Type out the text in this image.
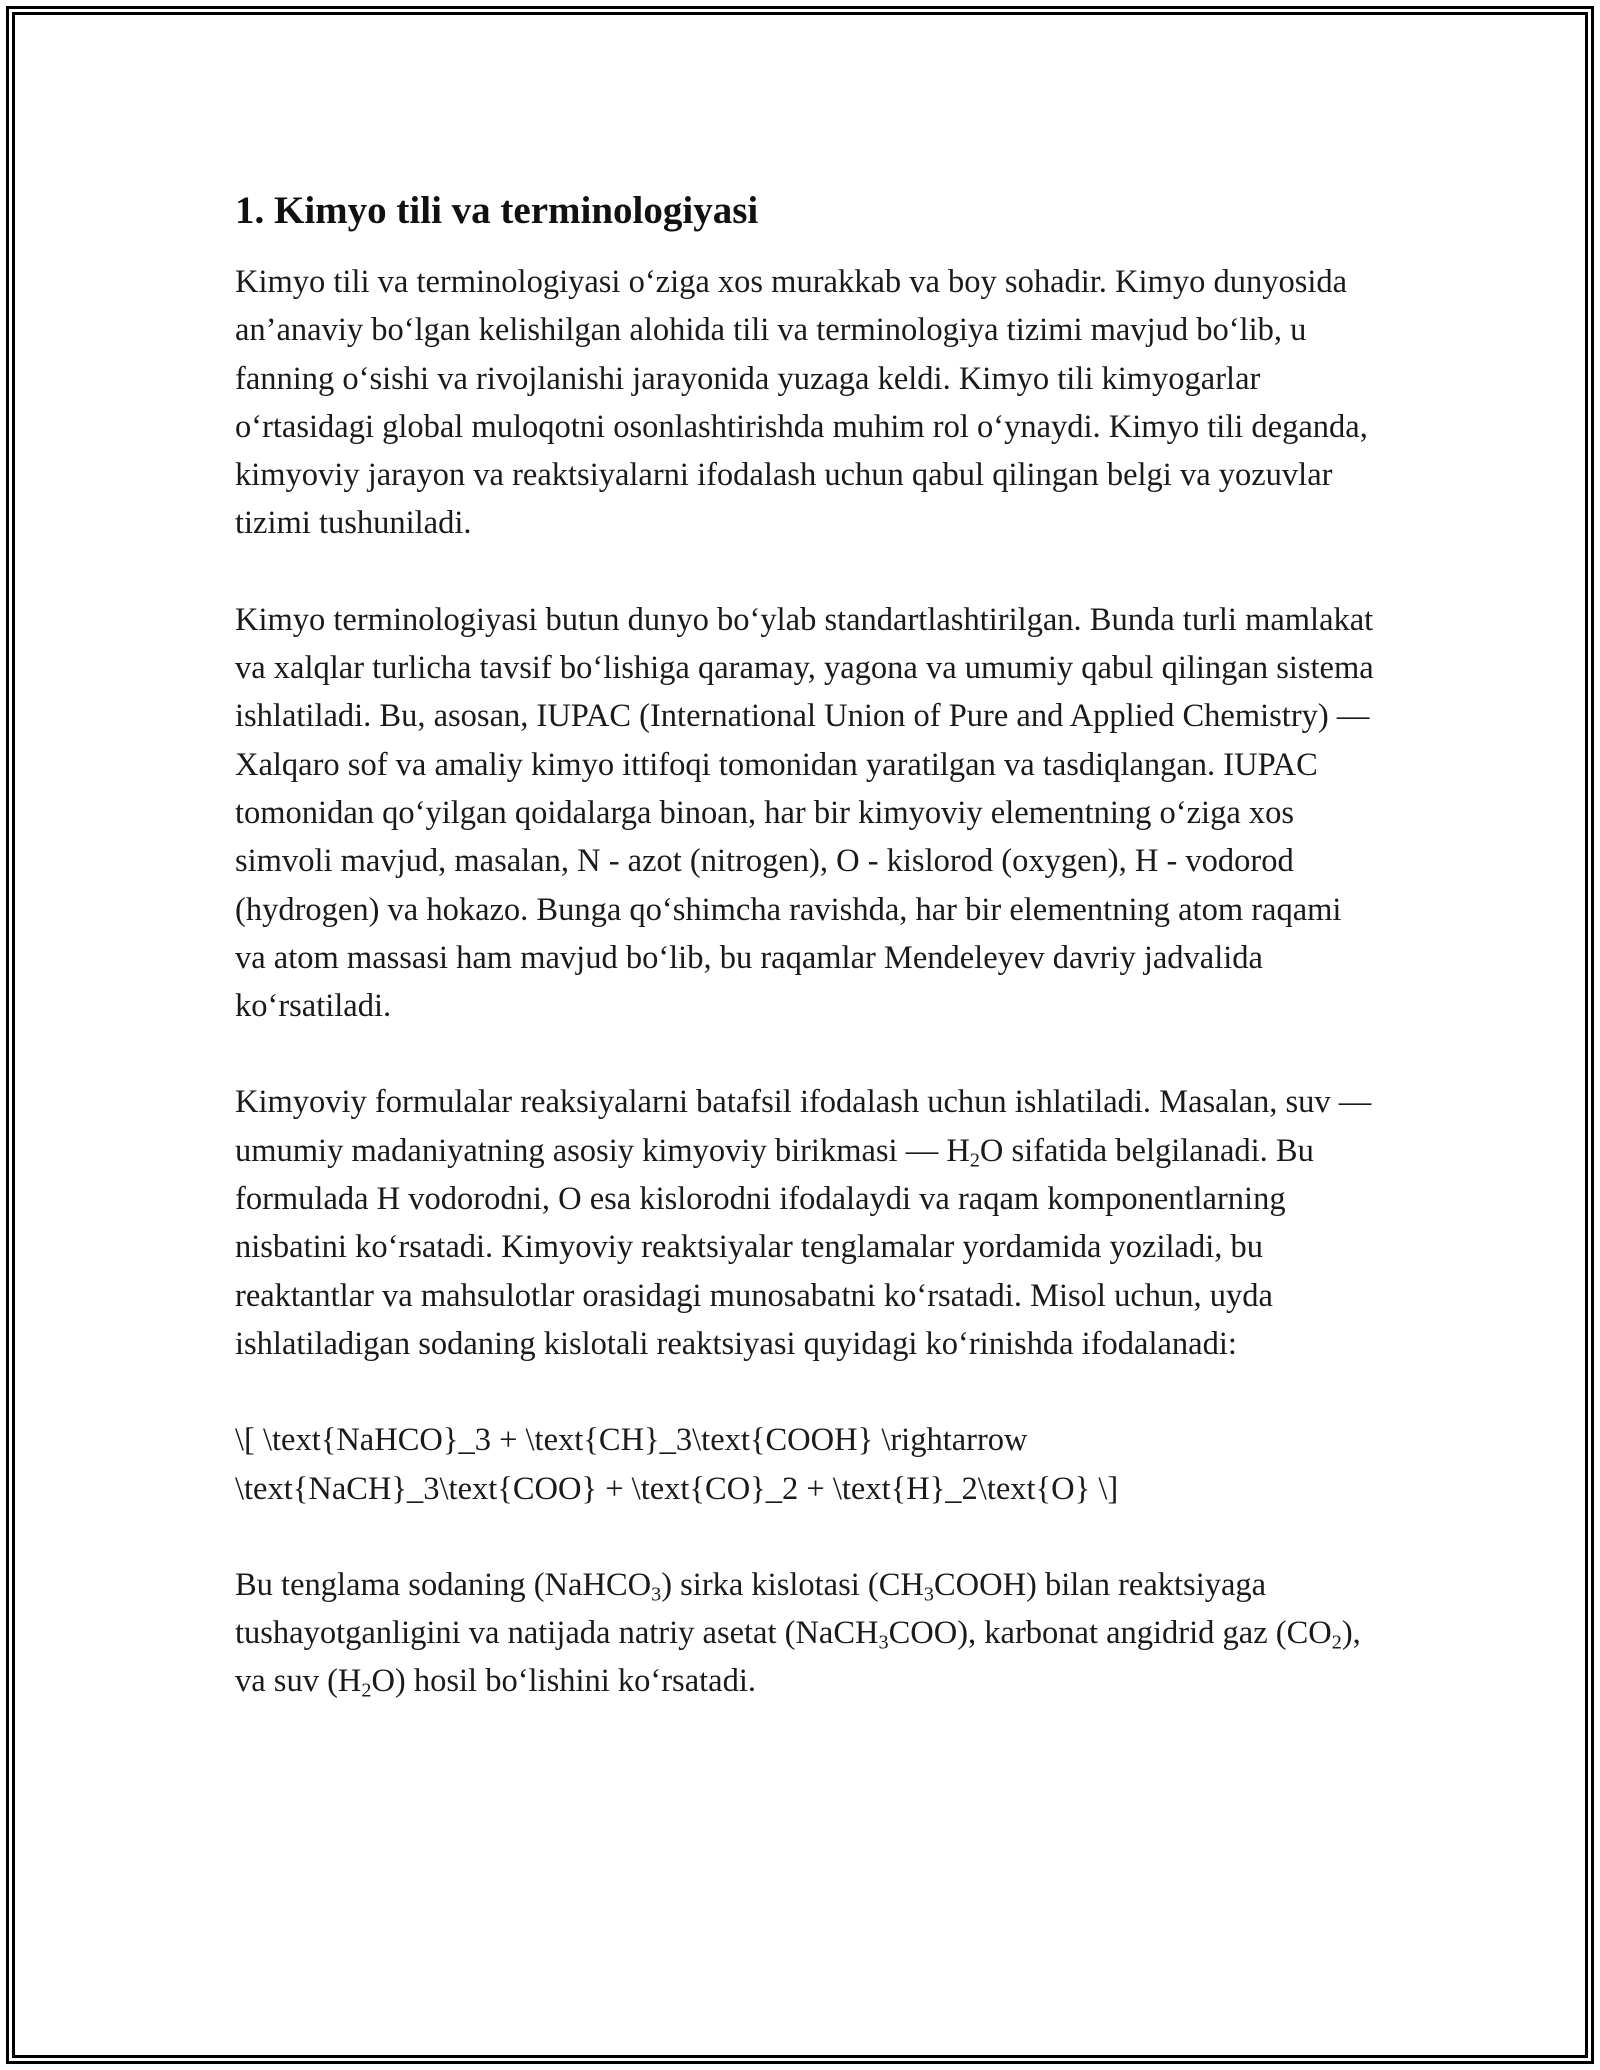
1. Kimyo tili va terminologiyasi

Kimyo tili va terminologiyasi o‘ziga xos murakkab va boy sohadir. Kimyo dunyosida an’anaviy bo‘lgan kelishilgan alohida tili va terminologiya tizimi mavjud bo‘lib, u fanning o‘sishi va rivojlanishi jarayonida yuzaga keldi. Kimyo tili kimyogarlar o‘rtasidagi global muloqotni osonlashtirishda muhim rol o‘ynaydi. Kimyo tili deganda, kimyoviy jarayon va reaktsiyalarni ifodalash uchun qabul qilingan belgi va yozuvlar tizimi tushuniladi.

Kimyo terminologiyasi butun dunyo bo‘ylab standartlashtirilgan. Bunda turli mamlakat va xalqlar turlicha tavsif bo‘lishiga qaramay, yagona va umumiy qabul qilingan sistema ishlatiladi. Bu, asosan, IUPAC (International Union of Pure and Applied Chemistry) — Xalqaro sof va amaliy kimyo ittifoqi tomonidan yaratilgan va tasdiqlangan. IUPAC tomonidan qo‘yilgan qoidalarga binoan, har bir kimyoviy elementning o‘ziga xos simvoli mavjud, masalan, N - azot (nitrogen), O - kislorod (oxygen), H - vodorod (hydrogen) va hokazo. Bunga qo‘shimcha ravishda, har bir elementning atom raqami va atom massasi ham mavjud bo‘lib, bu raqamlar Mendeleyev davriy jadvalida ko‘rsatiladi.

Kimyoviy formulalar reaksiyalarni batafsil ifodalash uchun ishlatiladi. Masalan, suv — umumiy madaniyatning asosiy kimyoviy birikmasi — $H_2O$ sifatida belgilanadi. Bu formulada H vodorodni, O esa kislorodni ifodalaydi va raqam komponentlarning nisbatini ko‘rsatadi. Kimyoviy reaktsiyalar tenglamalar yordamida yoziladi, bu reaktantlar va mahsulotlar orasidagi munosabatni ko‘rsatadi. Misol uchun, uyda ishlatiladigan sodaning kislotali reaktsiyasi quyidagi ko‘rinishda ifodalanadi:

\[ \text{NaHCO}_3 + \text{CH}_3\text{COOH} \rightarrow \text{NaCH}_3\text{COO} + \text{CO}_2 + \text{H}_2\text{O} \]

Bu tenglama sodaning (NaHCO$_3$) sirka kislotasi $(CH_3COOH)$ bilan reaktsiyaga tushayotganligini va natijada natriy asetat (NaCH$_3$COO), karbonat angidrid gaz $(CO_2)$, va suv $(H_2O)$ hosil bo‘lishini ko‘rsatadi.
